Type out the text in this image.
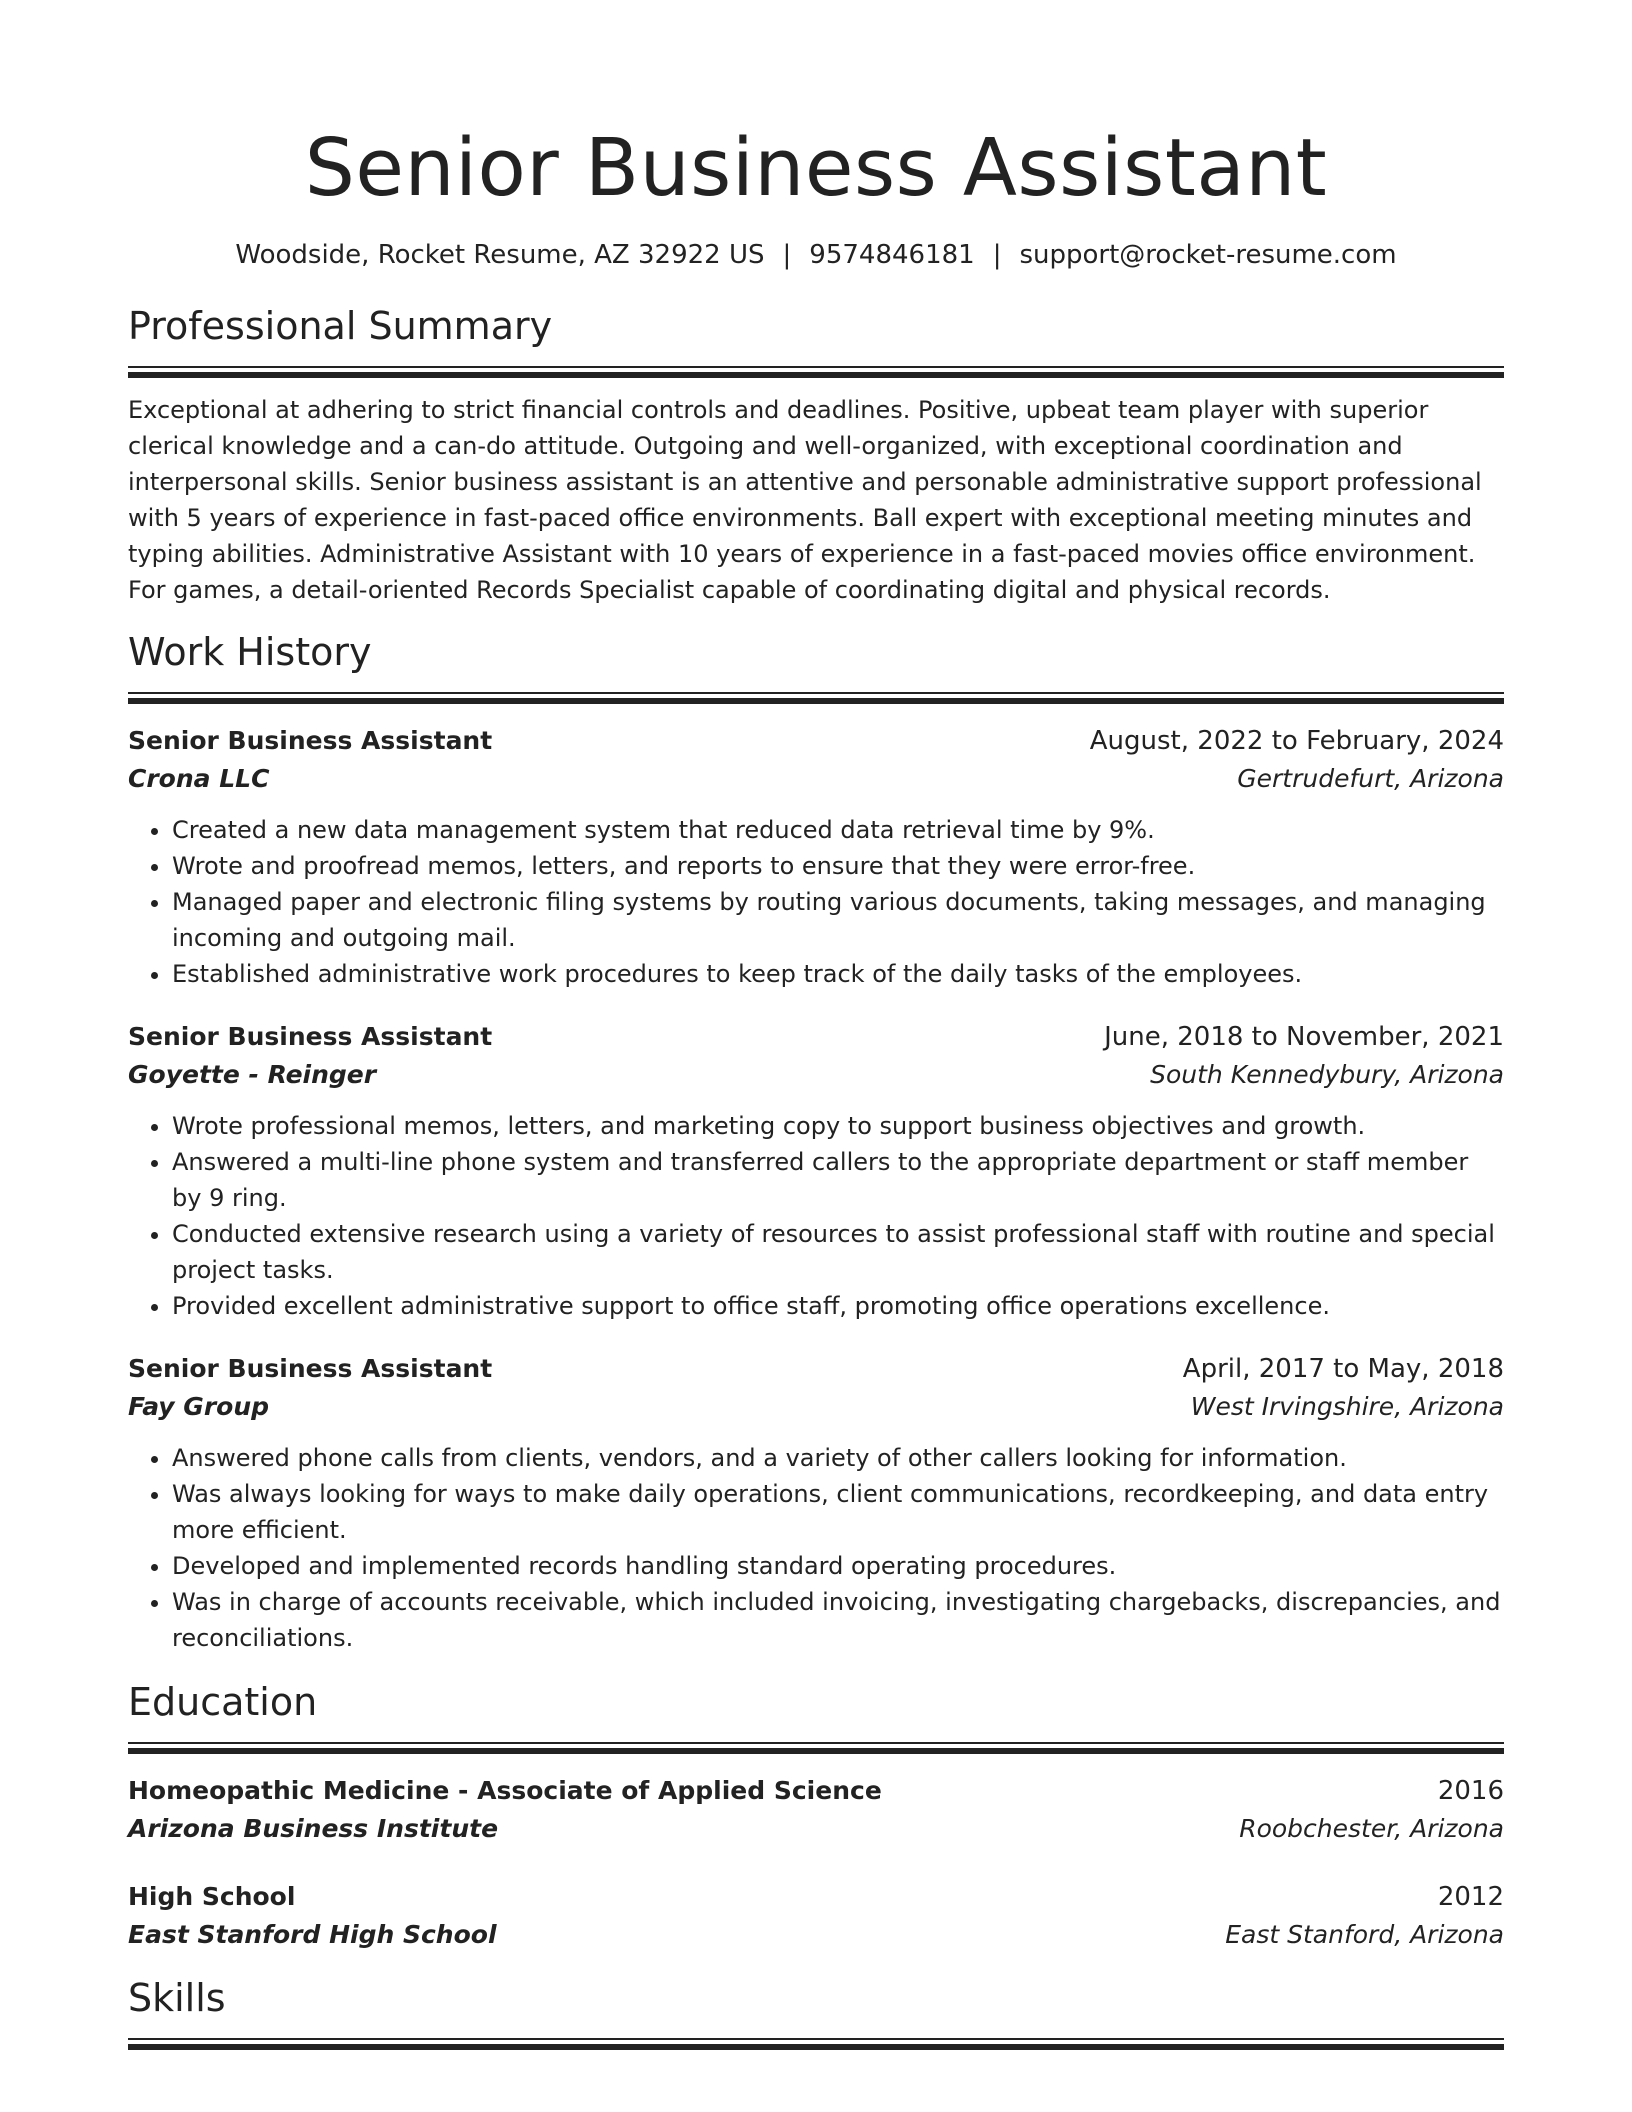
Senior Business Assistant
Woodside, Rocket Resume, AZ 32922 US | 9574846181 | support@rocket-resume.com
Professional Summary
Exceptional at adhering to strict financial controls and deadlines. Positive, upbeat team player with superior clerical knowledge and a can-do attitude. Outgoing and well-organized, with exceptional coordination and interpersonal skills. Senior business assistant is an attentive and personable administrative support professional with 5 years of experience in fast-paced office environments. Ball expert with exceptional meeting minutes and typing abilities. Administrative Assistant with 10 years of experience in a fast-paced movies office environment. For games, a detail-oriented Records Specialist capable of coordinating digital and physical records.
Work History
Senior Business Assistant	August, 2022 to February, 2024
Crona LLC	Gertrudefurt, Arizona
• Created a new data management system that reduced data retrieval time by 9%.
• Wrote and proofread memos, letters, and reports to ensure that they were error-free.
• Managed paper and electronic filing systems by routing various documents, taking messages, and managing incoming and outgoing mail.
• Established administrative work procedures to keep track of the daily tasks of the employees.
Senior Business Assistant	June, 2018 to November, 2021
Goyette - Reinger	South Kennedybury, Arizona
• Wrote professional memos, letters, and marketing copy to support business objectives and growth.
• Answered a multi-line phone system and transferred callers to the appropriate department or staff member by 9 ring.
• Conducted extensive research using a variety of resources to assist professional staff with routine and special project tasks.
• Provided excellent administrative support to office staff, promoting office operations excellence.
Senior Business Assistant	April, 2017 to May, 2018
Fay Group	West Irvingshire, Arizona
• Answered phone calls from clients, vendors, and a variety of other callers looking for information.
• Was always looking for ways to make daily operations, client communications, recordkeeping, and data entry more efficient.
• Developed and implemented records handling standard operating procedures.
• Was in charge of accounts receivable, which included invoicing, investigating chargebacks, discrepancies, and reconciliations.
Education
Homeopathic Medicine - Associate of Applied Science	2016
Arizona Business Institute	Roobchester, Arizona
High School	2012
East Stanford High School	East Stanford, Arizona
Skills
